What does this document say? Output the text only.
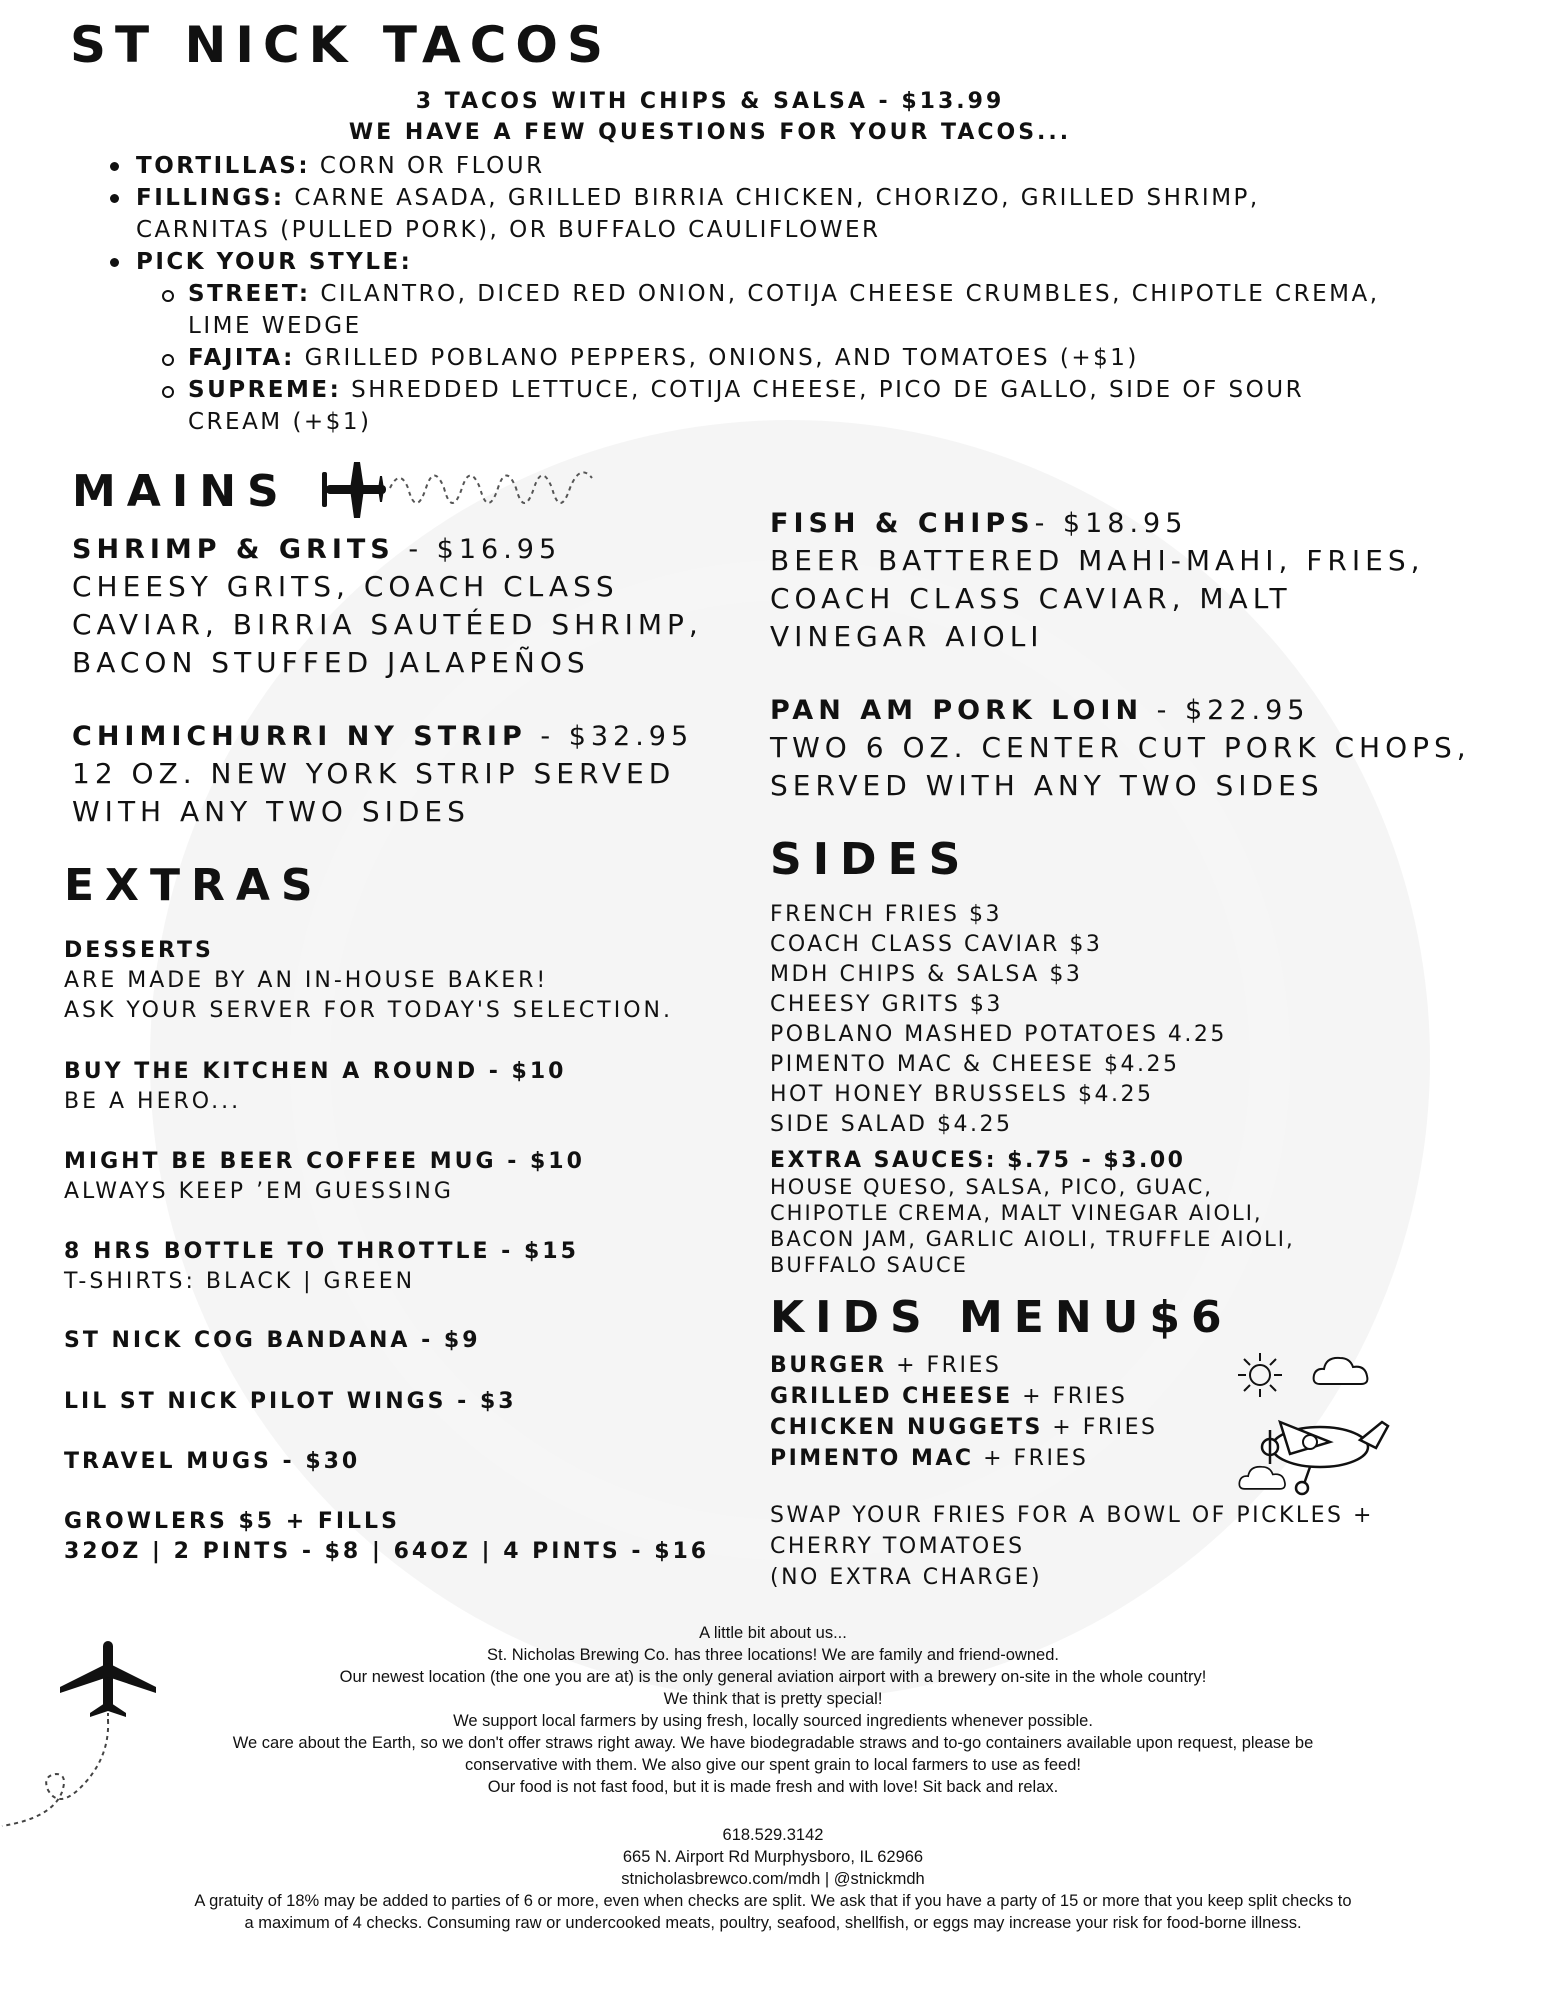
ST NICK TACOS
3 TACOS WITH CHIPS & SALSA - $13.99
WE HAVE A FEW QUESTIONS FOR YOUR TACOS...
TORTILLAS: CORN OR FLOUR
FILLINGS: CARNE ASADA, GRILLED BIRRIA CHICKEN, CHORIZO, GRILLED SHRIMP,
CARNITAS (PULLED PORK), OR BUFFALO CAULIFLOWER
PICK YOUR STYLE:
STREET: CILANTRO, DICED RED ONION, COTIJA CHEESE CRUMBLES, CHIPOTLE CREMA,
LIME WEDGE
FAJITA: GRILLED POBLANO PEPPERS, ONIONS, AND TOMATOES (+$1)
SUPREME: SHREDDED LETTUCE, COTIJA CHEESE, PICO DE GALLO, SIDE OF SOUR
CREAM (+$1)
MAINS
SHRIMP & GRITS - $16.95
CHEESY GRITS, COACH CLASS
CAVIAR, BIRRIA SAUTÉED SHRIMP,
BACON STUFFED JALAPEÑOS
CHIMICHURRI NY STRIP - $32.95
12 OZ. NEW YORK STRIP SERVED
WITH ANY TWO SIDES
FISH & CHIPS- $18.95
BEER BATTERED MAHI-MAHI, FRIES,
COACH CLASS CAVIAR, MALT
VINEGAR AIOLI
PAN AM PORK LOIN - $22.95
TWO 6 OZ. CENTER CUT PORK CHOPS,
SERVED WITH ANY TWO SIDES
EXTRAS
DESSERTS
ARE MADE BY AN IN-HOUSE BAKER!
ASK YOUR SERVER FOR TODAY'S SELECTION.
BUY THE KITCHEN A ROUND - $10
BE A HERO...
MIGHT BE BEER COFFEE MUG - $10
ALWAYS KEEP ’EM GUESSING
8 HRS BOTTLE TO THROTTLE - $15
T-SHIRTS: BLACK | GREEN
ST NICK COG BANDANA - $9
LIL ST NICK PILOT WINGS - $3
TRAVEL MUGS - $30
GROWLERS $5 + FILLS
32OZ | 2 PINTS - $8 | 64OZ | 4 PINTS - $16
SIDES
FRENCH FRIES $3
COACH CLASS CAVIAR $3
MDH CHIPS & SALSA $3
CHEESY GRITS $3
POBLANO MASHED POTATOES 4.25
PIMENTO MAC & CHEESE $4.25
HOT HONEY BRUSSELS $4.25
SIDE SALAD $4.25
EXTRA SAUCES: $.75 - $3.00
HOUSE QUESO, SALSA, PICO, GUAC,
CHIPOTLE CREMA, MALT VINEGAR AIOLI,
BACON JAM, GARLIC AIOLI, TRUFFLE AIOLI,
BUFFALO SAUCE
KIDS MENU$6
BURGER + FRIES
GRILLED CHEESE + FRIES
CHICKEN NUGGETS + FRIES
PIMENTO MAC + FRIES
SWAP YOUR FRIES FOR A BOWL OF PICKLES +
CHERRY TOMATOES
(NO EXTRA CHARGE)
A little bit about us...
St. Nicholas Brewing Co. has three locations! We are family and friend-owned.
Our newest location (the one you are at) is the only general aviation airport with a brewery on-site in the whole country!
We think that is pretty special!
We support local farmers by using fresh, locally sourced ingredients whenever possible.
We care about the Earth, so we don't offer straws right away. We have biodegradable straws and to-go containers available upon request, please be
conservative with them. We also give our spent grain to local farmers to use as feed!
Our food is not fast food, but it is made fresh and with love! Sit back and relax.
618.529.3142
665 N. Airport Rd Murphysboro, IL 62966
stnicholasbrewco.com/mdh | @stnickmdh
A gratuity of 18% may be added to parties of 6 or more, even when checks are split. We ask that if you have a party of 15 or more that you keep split checks to
a maximum of 4 checks. Consuming raw or undercooked meats, poultry, seafood, shellfish, or eggs may increase your risk for food-borne illness.
